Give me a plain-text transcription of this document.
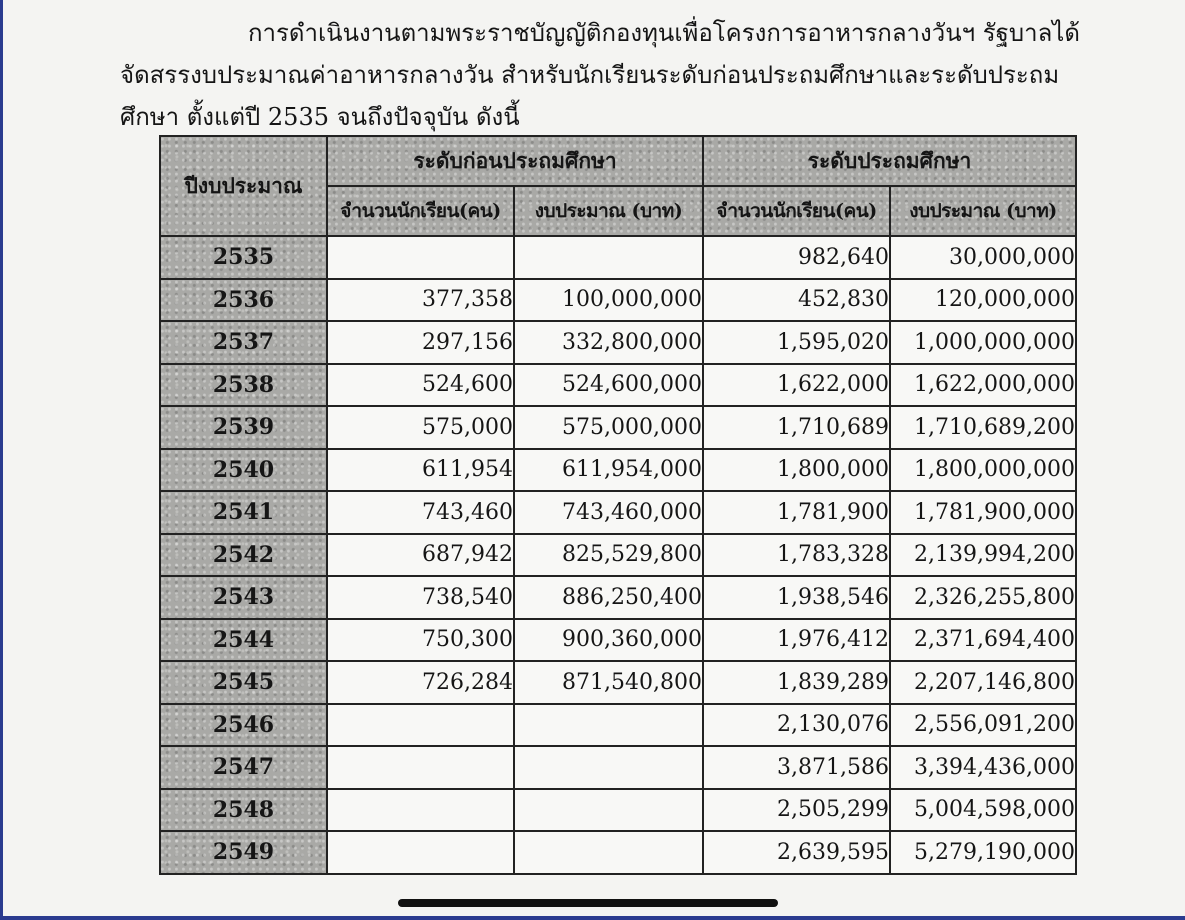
การดำเนินงานตามพระราชบัญญัติกองทุนเพื่อโครงการอาหารกลางวันฯ รัฐบาลได้
จัดสรรงบประมาณค่าอาหารกลางวัน สำหรับนักเรียนระดับก่อนประถมศึกษาและระดับประถม
ศึกษา ตั้งแต่ปี 2535 จนถึงปัจจุบัน ดังนี้
ปีงบประมาณ	ระดับก่อนประถมศึกษา		ระดับประถมศึกษา	
	จำนวนนักเรียน(คน)	งบประมาณ (บาท)	จำนวนนักเรียน(คน)	งบประมาณ (บาท)
2535			982,640	30,000,000
2536	377,358	100,000,000	452,830	120,000,000
2537	297,156	332,800,000	1,595,020	1,000,000,000
2538	524,600	524,600,000	1,622,000	1,622,000,000
2539	575,000	575,000,000	1,710,689	1,710,689,200
2540	611,954	611,954,000	1,800,000	1,800,000,000
2541	743,460	743,460,000	1,781,900	1,781,900,000
2542	687,942	825,529,800	1,783,328	2,139,994,200
2543	738,540	886,250,400	1,938,546	2,326,255,800
2544	750,300	900,360,000	1,976,412	2,371,694,400
2545	726,284	871,540,800	1,839,289	2,207,146,800
2546			2,130,076	2,556,091,200
2547			3,871,586	3,394,436,000
2548			2,505,299	5,004,598,000
2549			2,639,595	5,279,190,000
